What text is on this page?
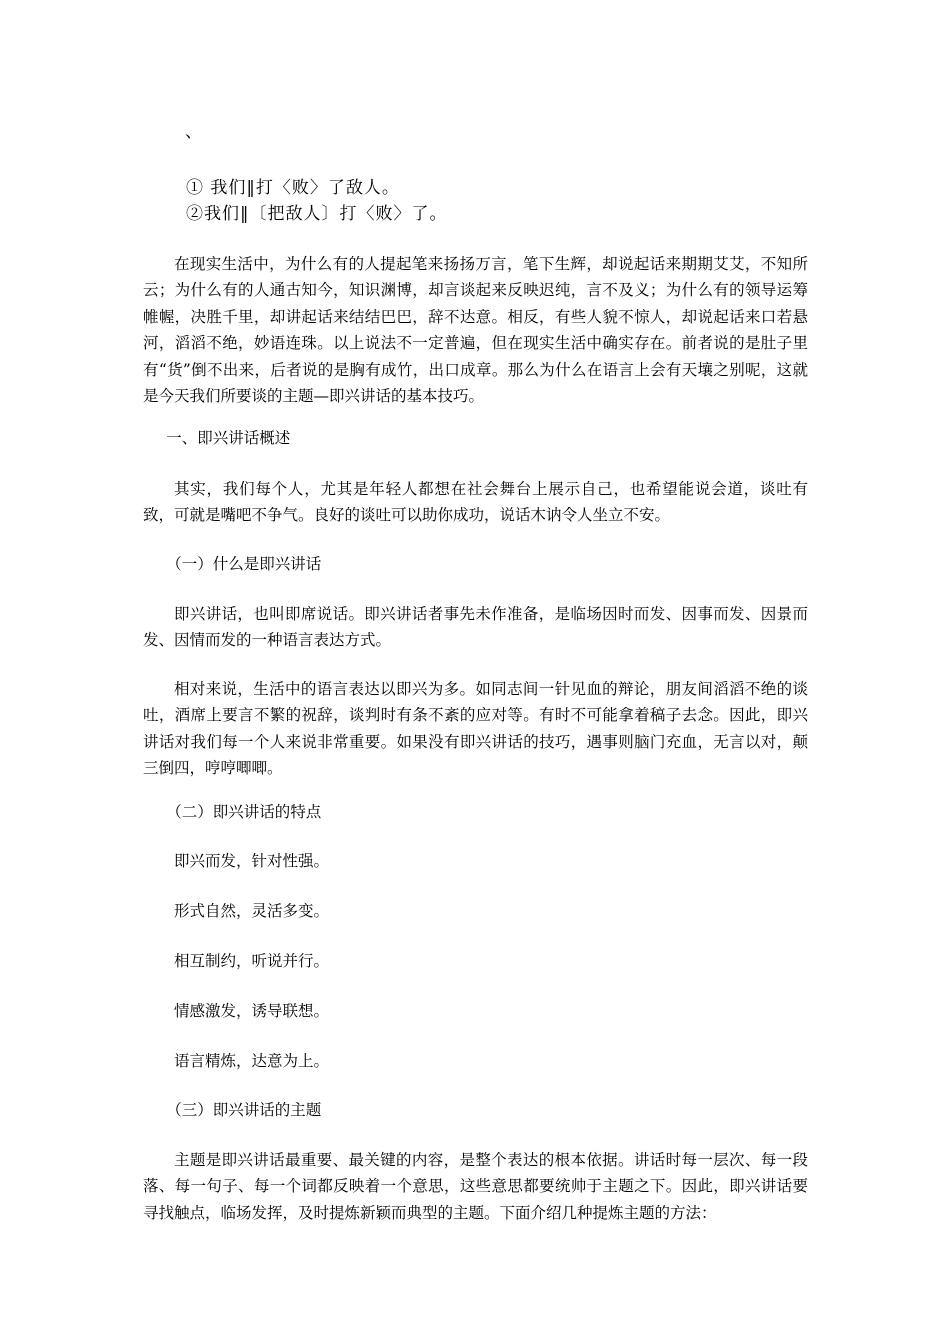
、
① 我们‖打〈败〉了敌人。
②我们‖〔把敌人〕打〈败〉了。

在现实生活中，为什么有的人提起笔来扬扬万言，笔下生辉，却说起话来期期艾艾，不知所云；为什么有的人通古知今，知识渊博，却言谈起来反映迟纯，言不及义；为什么有的领导运筹帷幄，决胜千里，却讲起话来结结巴巴，辞不达意。相反，有些人貌不惊人，却说起话来口若悬河，滔滔不绝，妙语连珠。以上说法不一定普遍，但在现实生活中确实存在。前者说的是肚子里有“货”倒不出来，后者说的是胸有成竹，出口成章。那么为什么在语言上会有天壤之别呢，这就是今天我们所要谈的主题—即兴讲话的基本技巧。

一、即兴讲话概述

其实，我们每个人，尤其是年轻人都想在社会舞台上展示自己，也希望能说会道，谈吐有致，可就是嘴吧不争气。良好的谈吐可以助你成功，说话木讷令人坐立不安。

（一）什么是即兴讲话

即兴讲话，也叫即席说话。即兴讲话者事先未作准备，是临场因时而发、因事而发、因景而发、因情而发的一种语言表达方式。

相对来说，生活中的语言表达以即兴为多。如同志间一针见血的辩论，朋友间滔滔不绝的谈吐，酒席上要言不繁的祝辞，谈判时有条不紊的应对等。有时不可能拿着稿子去念。因此，即兴讲话对我们每一个人来说非常重要。如果没有即兴讲话的技巧，遇事则脑门充血，无言以对，颠三倒四，哼哼唧唧。

（二）即兴讲话的特点

即兴而发，针对性强。

形式自然，灵活多变。

相互制约，听说并行。

情感激发，诱导联想。

语言精炼，达意为上。

（三）即兴讲话的主题

主题是即兴讲话最重要、最关键的内容，是整个表达的根本依据。讲话时每一层次、每一段落、每一句子、每一个词都反映着一个意思，这些意思都要统帅于主题之下。因此，即兴讲话要寻找触点，临场发挥，及时提炼新颖而典型的主题。下面介绍几种提炼主题的方法：
